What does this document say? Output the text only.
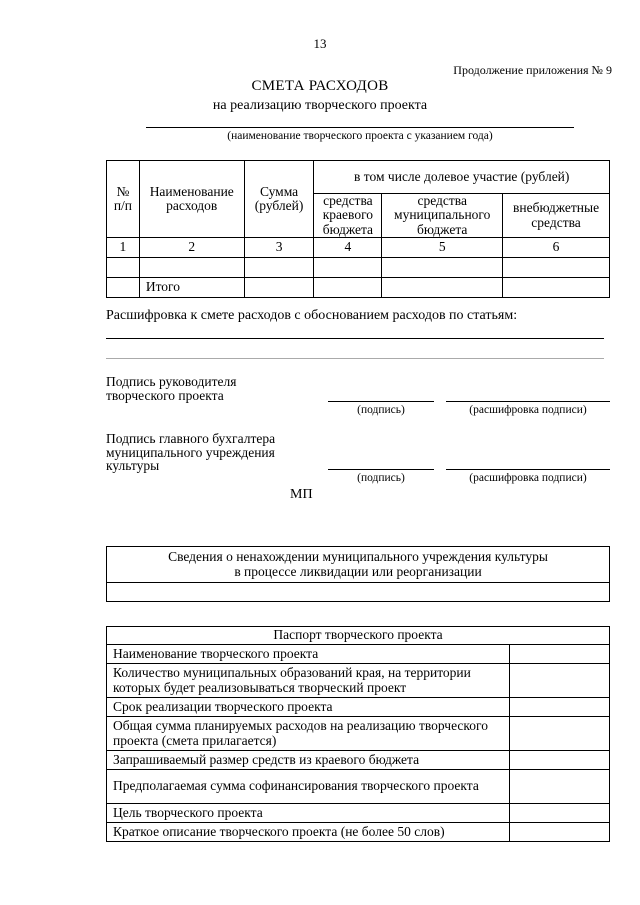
13
Продолжение приложения № 9
СМЕТА РАСХОДОВ
на реализацию творческого проекта
(наименование творческого проекта с указанием года)
№ п/п	Наименование расходов	Сумма (рублей)	в том числе долевое участие (рублей)		
			средства краевого бюджета	средства муниципального бюджета	внебюджетные средства
1	2	3	4	5	6

	Итого				
Расшифровка к смете расходов с обоснованием расходов по статьям:
Подпись руководителя творческого проекта
(подпись)	(расшифровка подписи)
Подпись главного бухгалтера муниципального учреждения культуры
(подпись)	(расшифровка подписи)
МП
Сведения о ненахождении муниципального учреждения культуры в процессе ликвидации или реорганизации

Паспорт творческого проекта	
Наименование творческого проекта	
Количество муниципальных образований края, на территории которых будет реализовываться творческий проект	
Срок реализации творческого проекта	
Общая сумма планируемых расходов на реализацию творческого проекта (смета прилагается)	
Запрашиваемый размер средств из краевого бюджета	
Предполагаемая сумма софинансирования творческого проекта	
Цель творческого проекта	
Краткое описание творческого проекта (не более 50 слов)	
